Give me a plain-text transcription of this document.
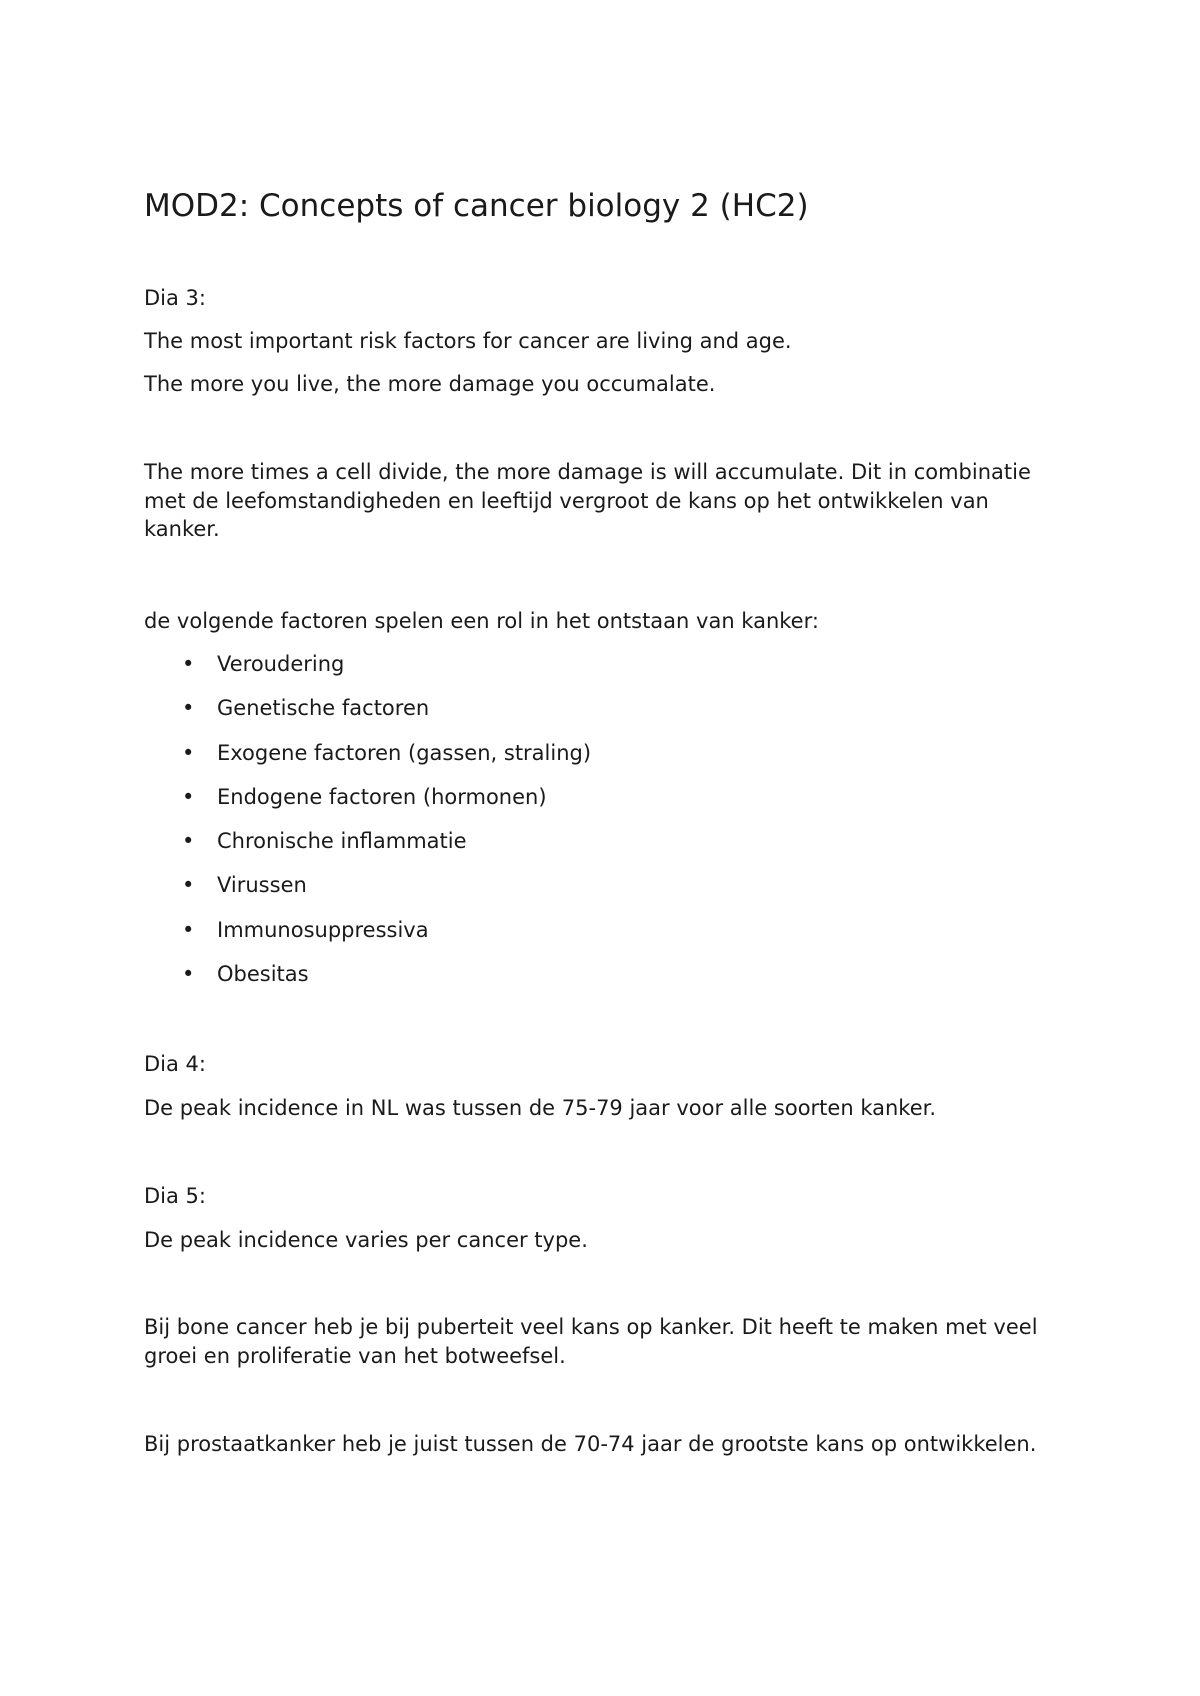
MOD2: Concepts of cancer biology 2 (HC2)

Dia 3:

The most important risk factors for cancer are living and age.

The more you live, the more damage you occumalate.

The more times a cell divide, the more damage is will accumulate. Dit in combinatie met de leefomstandigheden en leeftijd vergroot de kans op het ontwikkelen van kanker.

de volgende factoren spelen een rol in het ontstaan van kanker:

• Veroudering
• Genetische factoren
• Exogene factoren (gassen, straling)
• Endogene factoren (hormonen)
• Chronische inflammatie
• Virussen
• Immunosuppressiva
• Obesitas

Dia 4:

De peak incidence in NL was tussen de 75-79 jaar voor alle soorten kanker.

Dia 5:

De peak incidence varies per cancer type.

Bij bone cancer heb je bij puberteit veel kans op kanker. Dit heeft te maken met veel groei en proliferatie van het botweefsel.

Bij prostaatkanker heb je juist tussen de 70-74 jaar de grootste kans op ontwikkelen.
